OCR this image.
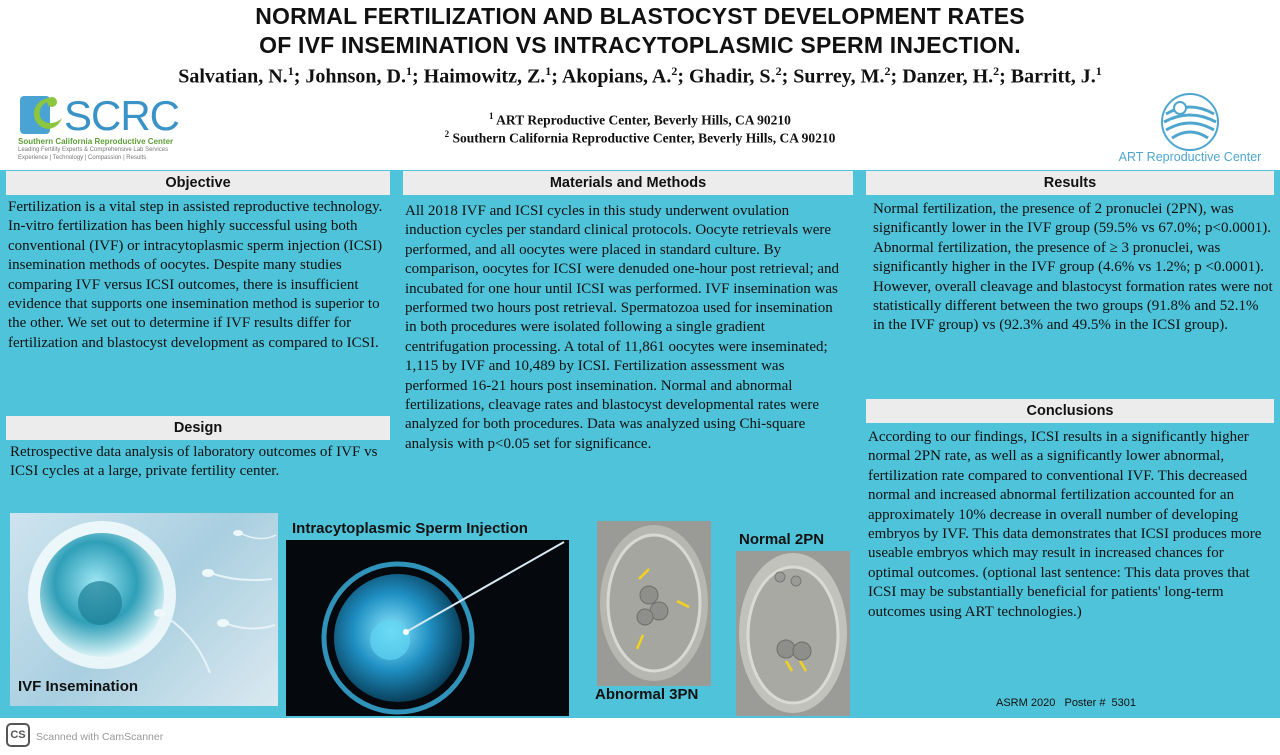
NORMAL FERTILIZATION AND BLASTOCYST DEVELOPMENT RATES
OF IVF INSEMINATION VS INTRACYTOPLASMIC SPERM INJECTION.
Salvatian, N.$^1$; Johnson, D.$^1$; Haimowitz, Z.$^1$; Akopians, A.$^2$; Ghadir, S.$^2$; Surrey, M.$^2$; Danzer, H.$^2$; Barritt, J.$^1$
$^1$ ART Reproductive Center, Beverly Hills, CA 90210
$^2$ Southern California Reproductive Center, Beverly Hills, CA 90210
SCRC
Southern California Reproductive Center
Leading Fertility Experts & Comprehensive Lab Services
Experience | Technology | Compassion | Results	ART Reproductive Center
Objective
Fertilization is a vital step in assisted reproductive technology. In-vitro fertilization has been highly successful using both conventional (IVF) or intracytoplasmic sperm injection (ICSI) insemination methods of oocytes. Despite many studies comparing IVF versus ICSI outcomes, there is insufficient evidence that supports one insemination method is superior to the other. We set out to determine if IVF results differ for fertilization and blastocyst development as compared to ICSI.
Design
Retrospective data analysis of laboratory outcomes of IVF vs ICSI cycles at a large, private fertility center.
Materials and Methods
All 2018 IVF and ICSI cycles in this study underwent ovulation induction cycles per standard clinical protocols. Oocyte retrievals were performed, and all oocytes were placed in standard culture. By comparison, oocytes for ICSI were denuded one-hour post retrieval; and incubated for one hour until ICSI was performed. IVF insemination was performed two hours post retrieval. Spermatozoa used for insemination in both procedures were isolated following a single gradient centrifugation processing. A total of 11,861 oocytes were inseminated; 1,115 by IVF and 10,489 by ICSI. Fertilization assessment was performed 16-21 hours post insemination. Normal and abnormal fertilizations, cleavage rates and blastocyst developmental rates were analyzed for both procedures. Data was analyzed using Chi-square analysis with p<0.05 set for significance.
Results
Normal fertilization, the presence of 2 pronuclei (2PN), was significantly lower in the IVF group (59.5% vs 67.0%; p<0.0001). Abnormal fertilization, the presence of ≥ 3 pronuclei, was significantly higher in the IVF group (4.6% vs 1.2%; p <0.0001). However, overall cleavage and blastocyst formation rates were not statistically different between the two groups (91.8% and 52.1% in the IVF group) vs (92.3% and 49.5% in the ICSI group).
Conclusions
According to our findings, ICSI results in a significantly higher normal 2PN rate, as well as a significantly lower abnormal, fertilization rate compared to conventional IVF. This decreased normal and increased abnormal fertilization accounted for an approximately 10% decrease in overall number of developing embryos by IVF. This data demonstrates that ICSI produces more useable embryos which may result in increased chances for optimal outcomes. (optional last sentence: This data proves that ICSI may be substantially beneficial for patients' long-term outcomes using ART technologies.)
IVF Insemination
Intracytoplasmic Sperm Injection
Abnormal 3PN
Normal 2PN
ASRM 2020   Poster #  5301
CS Scanned with CamScanner
